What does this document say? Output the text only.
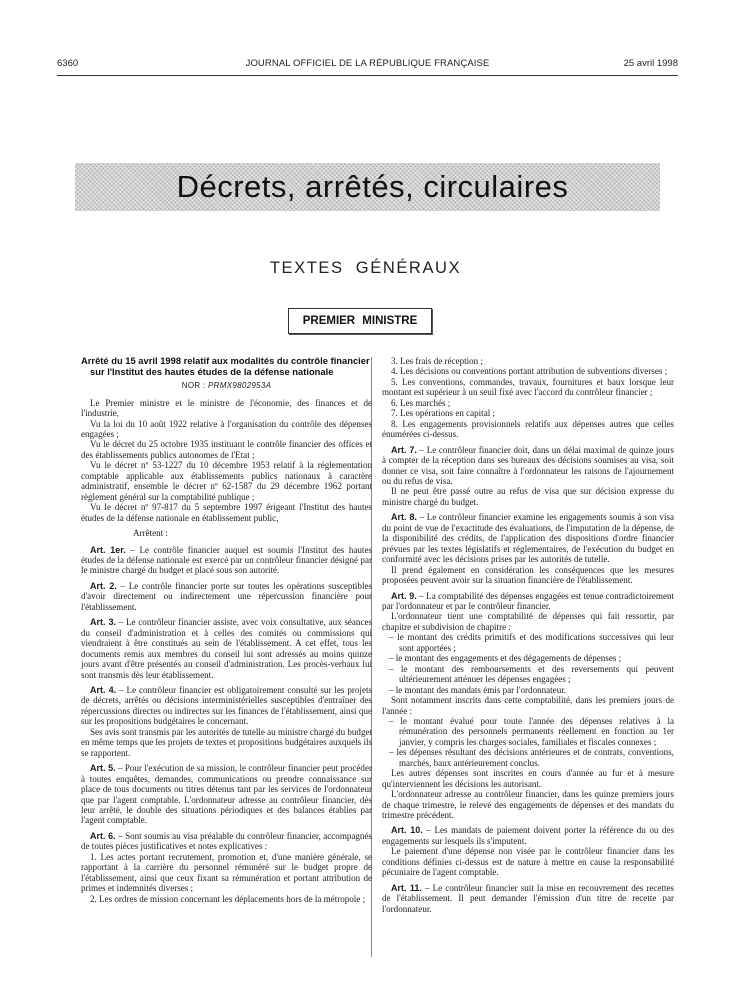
6360	JOURNAL OFFICIEL DE LA RÉPUBLIQUE FRANÇAISE	25 avril 1998
Décrets, arrêtés, circulaires
TEXTES GÉNÉRAUX
PREMIER MINISTRE
Arrêté du 15 avril 1998 relatif aux modalités du contrôle financier sur l'Institut des hautes études de la défense nationale
NOR : PRMX9802953A

Le Premier ministre et le ministre de l'économie, des finances et de l'industrie,

Vu la loi du 10 août 1922 relative à l'organisation du contrôle des dépenses engagées ;

Vu le décret du 25 octobre 1935 instituant le contrôle financier des offices et des établissements publics autonomes de l'Etat ;

Vu le décret nº 53-1227 du 10 décembre 1953 relatif à la réglementation comptable applicable aux établissements publics nationaux à caractère administratif, ensemble le décret nº 62-1587 du 29 décembre 1962 portant règlement général sur la comptabilité publique ;

Vu le décret nº 97-817 du 5 septembre 1997 érigeant l'Institut des hautes études de la défense nationale en établissement public,

Arrêtent :

Art. 1er. – Le contrôle financier auquel est soumis l'Institut des hautes études de la défense nationale est exercé par un contrôleur financier désigné par le ministre chargé du budget et placé sous son autorité.

Art. 2. – Le contrôle financier porte sur toutes les opérations susceptibles d'avoir directement ou indirectement une répercussion financière pour l'établissement.

Art. 3. – Le contrôleur financier assiste, avec voix consultative, aux séances du conseil d'administration et à celles des comités ou commissions qui viendraient à être constitués au sein de l'établissement. A cet effet, tous les documents remis aux membres du conseil lui sont adressés au moins quinze jours avant d'être présentés au conseil d'administration. Les procès-verbaux lui sont transmis dès leur établissement.

Art. 4. – Le contrôleur financier est obligatoirement consulté sur les projets de décrets, arrêtés ou décisions interministérielles susceptibles d'entraîner des répercussions directes ou indirectes sur les finances de l'établissement, ainsi que sur les propositions budgétaires le concernant.

Ses avis sont transmis par les autorités de tutelle au ministre chargé du budget en même temps que les projets de textes et propositions budgétaires auxquels ils se rapportent.

Art. 5. – Pour l'exécution de sa mission, le contrôleur financier peut procéder à toutes enquêtes, demandes, communications ou prendre connaissance sur place de tous documents ou titres détenus tant par les services de l'ordonnateur que par l'agent comptable. L'ordonnateur adresse au contrôleur financier, dès leur arrêté, le double des situations périodiques et des balances établies par l'agent comptable.

Art. 6. – Sont soumis au visa préalable du contrôleur financier, accompagnés de toutes pièces justificatives et notes explicatives :

1. Les actes portant recrutement, promotion et, d'une manière générale, se rapportant à la carrière du personnel rémunéré sur le budget propre de l'établissement, ainsi que ceux fixant sa rémunération et portant attribution de primes et indemnités diverses ;

2. Les ordres de mission concernant les déplacements hors de la métropole ;

3. Les frais de réception ;

4. Les décisions ou conventions portant attribution de subventions diverses ;

5. Les conventions, commandes, travaux, fournitures et baux lorsque leur montant est supérieur à un seuil fixé avec l'accord du contrôleur financier ;

6. Les marchés ;

7. Les opérations en capital ;

8. Les engagements provisionnels relatifs aux dépenses autres que celles énumérées ci-dessus.

Art. 7. – Le contrôleur financier doit, dans un délai maximal de quinze jours à compter de la réception dans ses bureaux des décisions soumises au visa, soit donner ce visa, soit faire connaître à l'ordonnateur les raisons de l'ajournement ou du refus de visa.

Il ne peut être passé outre au refus de visa que sur décision expresse du ministre chargé du budget.

Art. 8. – Le contrôleur financier examine les engagements soumis à son visa du point de vue de l'exactitude des évaluations, de l'imputation de la dépense, de la disponibilité des crédits, de l'application des dispositions d'ordre financier prévues par les textes législatifs et réglementaires, de l'exécution du budget en conformité avec les décisions prises par les autorités de tutelle.

Il prend également en considération les conséquences que les mesures proposées peuvent avoir sur la situation financière de l'établissement.

Art. 9. – La comptabilité des dépenses engagées est tenue contradictoirement par l'ordonnateur et par le contrôleur financier.

L'ordonnateur tient une comptabilité de dépenses qui fait ressortir, par chapitre et subdivision de chapitre :

– le montant des crédits primitifs et des modifications successives qui leur sont apportées ;

– le montant des engagements et des dégagements de dépenses ;

– le montant des remboursements et des reversements qui peuvent ultérieurement atténuer les dépenses engagées ;

– le montant des mandats émis par l'ordonnateur.

Sont notamment inscrits dans cette comptabilité, dans les premiers jours de l'année :

– le montant évalué pour toute l'année des dépenses relatives à la rémunération des personnels permanents réellement en fonction au 1er janvier, y compris les charges sociales, familiales et fiscales connexes ;

– les dépenses résultant des décisions antérieures et de contrats, conventions, marchés, baux antérieurement conclus.

Les autres dépenses sont inscrites en cours d'année au fur et à mesure qu'interviennent les décisions les autorisant.

L'ordonnateur adresse au contrôleur financier, dans les quinze premiers jours de chaque trimestre, le relevé des engagements de dépenses et des mandats du trimestre précédent.

Art. 10. – Les mandats de paiement doivent porter la référence du ou des engagements sur lesquels ils s'imputent.

Le paiement d'une dépense non visée par le contrôleur financier dans les conditions définies ci-dessus est de nature à mettre en cause la responsabilité pécuniaire de l'agent comptable.

Art. 11. – Le contrôleur financier suit la mise en recouvrement des recettes de l'établissement. Il peut demander l'émission d'un titre de recette par l'ordonnateur.
